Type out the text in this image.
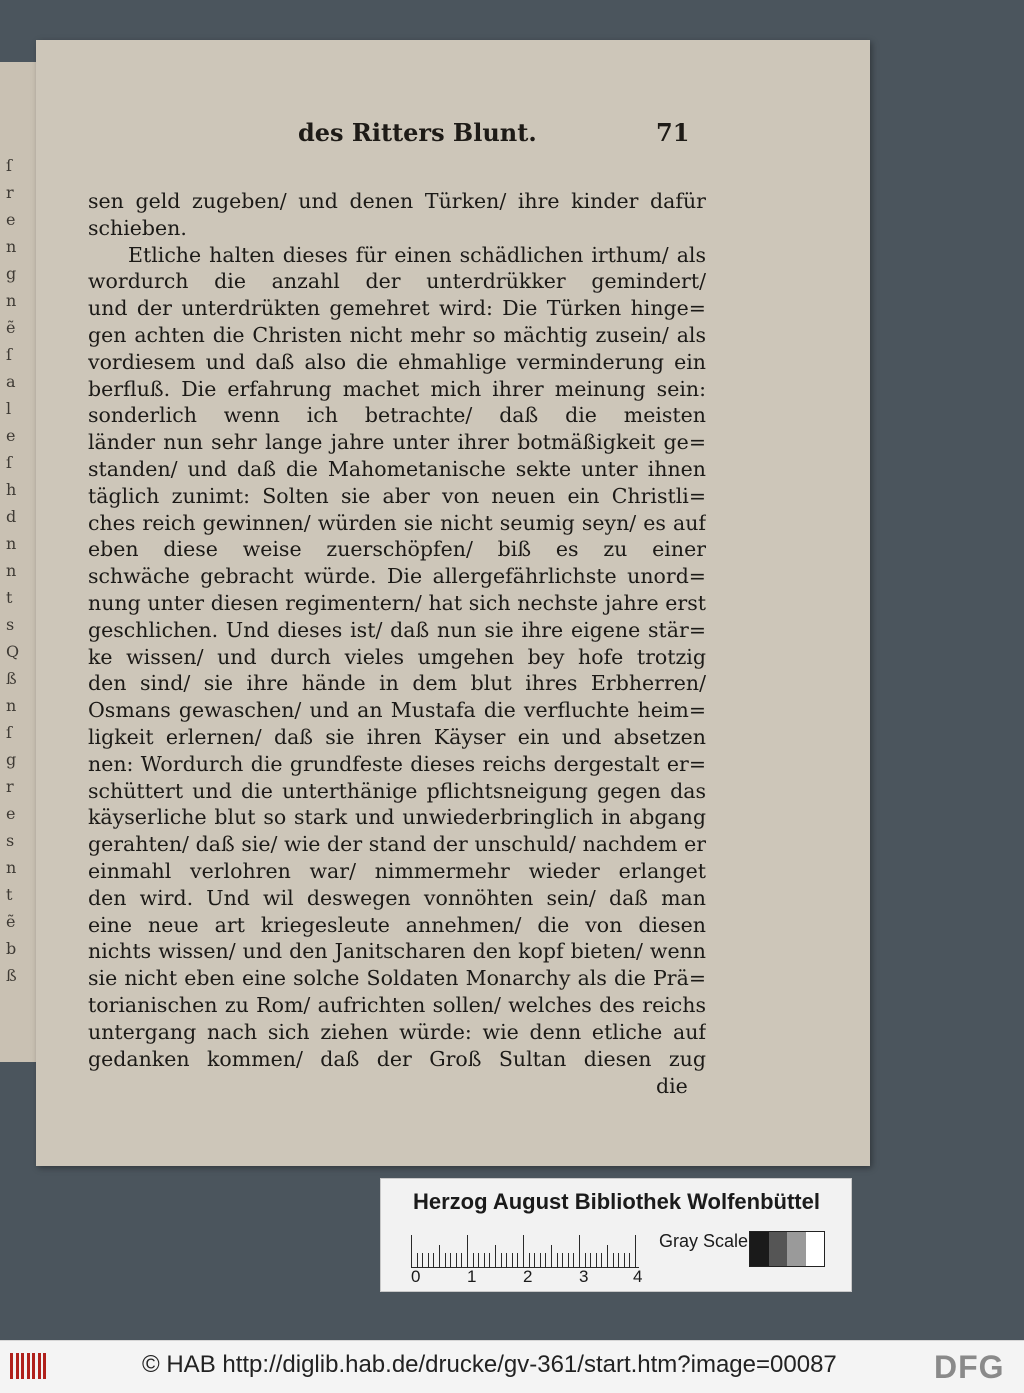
ſ
r
e
n
g
n
ẽ
ſ
a
l
e
ſ
h
d
n
n
t
s
Q
ß
n
ſ
g
r
e
s
n
t
ẽ
b
ß
des Ritters Blunt.	71
sen geld zugeben/ und denen Türken/ ihre kinder dafür
schieben.
Etliche halten dieses für einen schädlichen irthum/ als
wordurch die anzahl der unterdrükker gemindert/
und der unterdrükten gemehret wird: Die Türken hinge=
gen achten die Christen nicht mehr so mächtig zusein/ als
vordiesem und daß also die ehmahlige verminderung ein
berfluß. Die erfahrung machet mich ihrer meinung sein:
sonderlich wenn ich betrachte/ daß die meisten
länder nun sehr lange jahre unter ihrer botmäßigkeit ge=
standen/ und daß die Mahometanische sekte unter ihnen
täglich zunimt: Solten sie aber von neuen ein Christli=
ches reich gewinnen/ würden sie nicht seumig seyn/ es auf
eben diese weise zuerschöpfen/ biß es zu einer
schwäche gebracht würde. Die allergefährlichste unord=
nung unter diesen regimentern/ hat sich nechste jahre erst
geschlichen. Und dieses ist/ daß nun sie ihre eigene stär=
ke wissen/ und durch vieles umgehen bey hofe trotzig
den sind/ sie ihre hände in dem blut ihres Erbherren/
Osmans gewaschen/ und an Mustafa die verfluchte heim=
ligkeit erlernen/ daß sie ihren Käyser ein und absetzen
nen: Wordurch die grundfeste dieses reichs dergestalt er=
schüttert und die unterthänige pflichtsneigung gegen das
käyserliche blut so stark und unwiederbringlich in abgang
gerahten/ daß sie/ wie der stand der unschuld/ nachdem er
einmahl verlohren war/ nimmermehr wieder erlanget
den wird. Und wil deswegen vonnöhten sein/ daß man
eine neue art kriegesleute annehmen/ die von diesen
nichts wissen/ und den Janitscharen den kopf bieten/ wenn
sie nicht eben eine solche Soldaten Monarchy als die Prä=
torianischen zu Rom/ aufrichten sollen/ welches des reichs
untergang nach sich ziehen würde: wie denn etliche auf
gedanken kommen/ daß der Groß Sultan diesen zug
die
Herzog August Bibliothek Wolfenbüttel
0	1	2	3	4
Gray Scale
© HAB http://diglib.hab.de/drucke/gv-361/start.htm?image=00087	DFG
